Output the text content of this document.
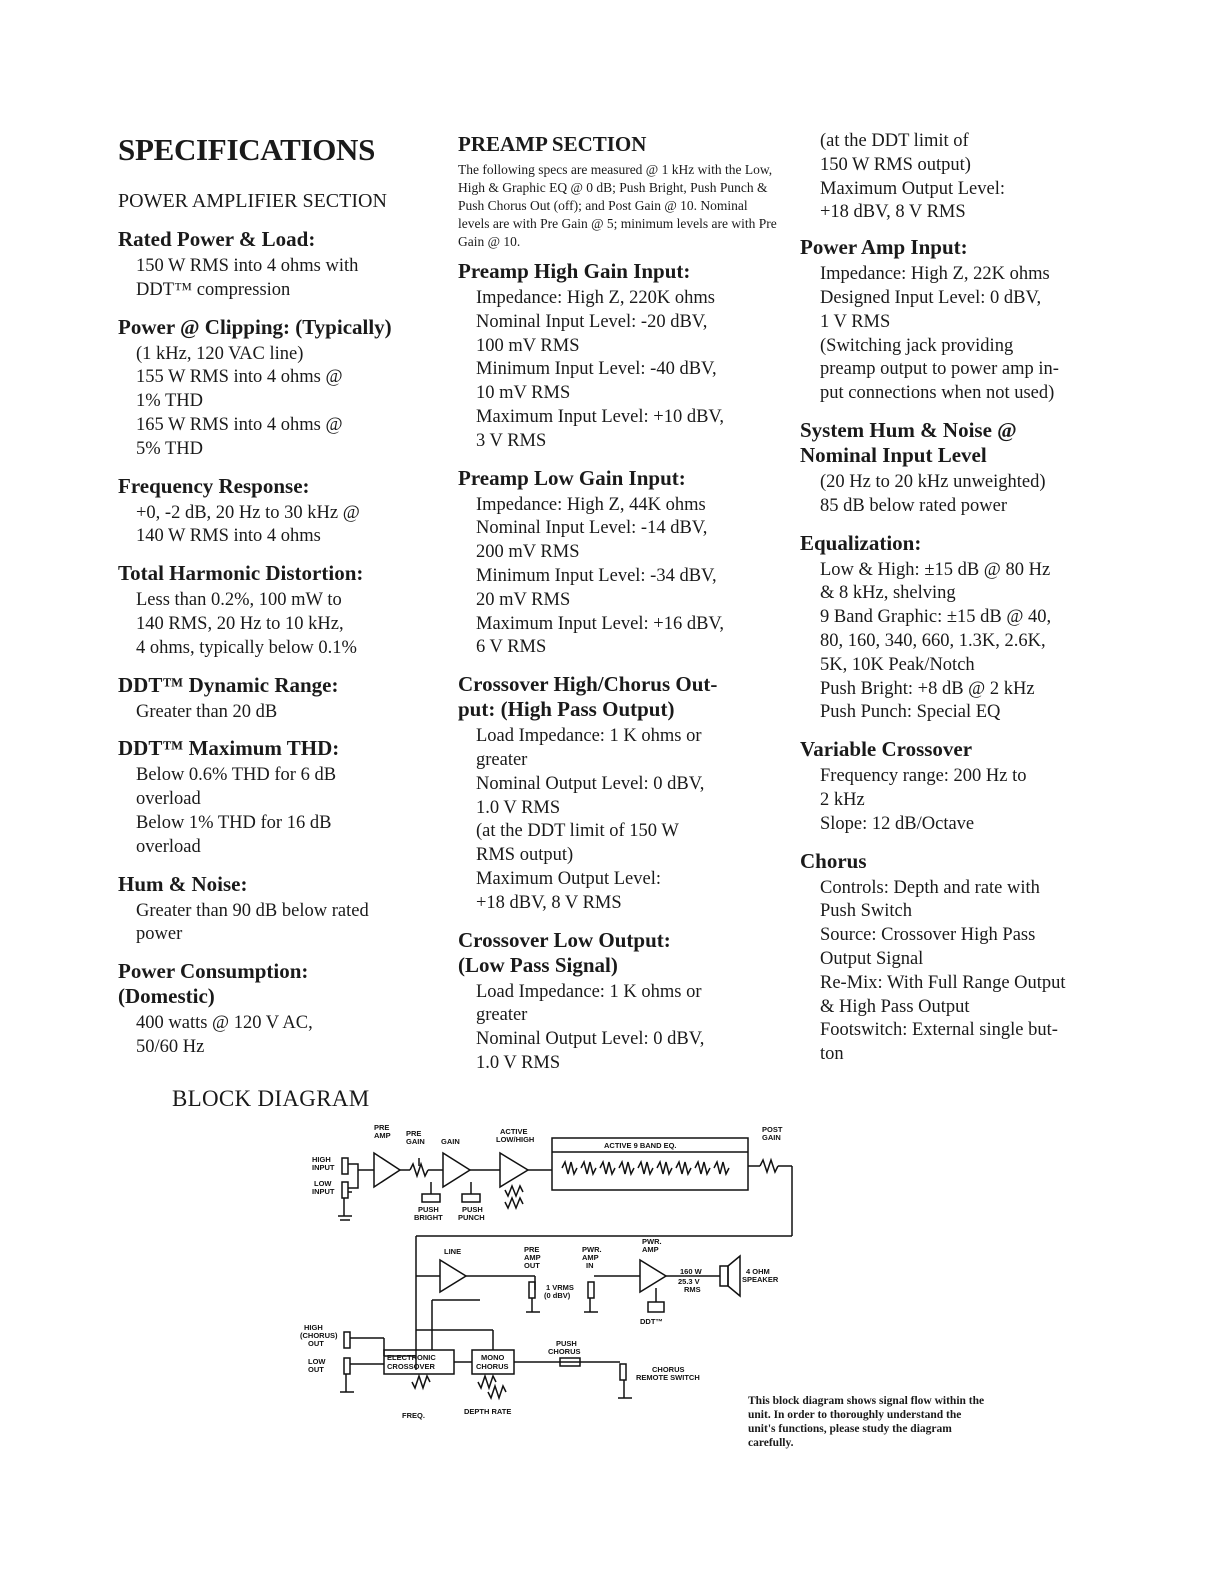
SPECIFICATIONS
POWER AMPLIFIER SECTION
Rated Power & Load:
150 W RMS into 4 ohms with
DDT™ compression
Power @ Clipping: (Typically)
(1 kHz, 120 VAC line)
155 W RMS into 4 ohms @
1% THD
165 W RMS into 4 ohms @
5% THD
Frequency Response:
+0, -2 dB, 20 Hz to 30 kHz @
140 W RMS into 4 ohms
Total Harmonic Distortion:
Less than 0.2%, 100 mW to
140 RMS, 20 Hz to 10 kHz,
4 ohms, typically below 0.1%
DDT™ Dynamic Range:
Greater than 20 dB
DDT™ Maximum THD:
Below 0.6% THD for 6 dB
overload
Below 1% THD for 16 dB
overload
Hum & Noise:
Greater than 90 dB below rated
power
Power Consumption:
(Domestic)
400 watts @ 120 V AC,
50/60 Hz
PREAMP SECTION
The following specs are measured @ 1 kHz with the Low, High & Graphic EQ @ 0 dB; Push Bright, Push Punch & Push Chorus Out (off); and Post Gain @ 10. Nominal levels are with Pre Gain @ 5; minimum levels are with Pre Gain @ 10.
Preamp High Gain Input:
Impedance: High Z, 220K ohms
Nominal Input Level: -20 dBV,
100 mV RMS
Minimum Input Level: -40 dBV,
10 mV RMS
Maximum Input Level: +10 dBV,
3 V RMS
Preamp Low Gain Input:
Impedance: High Z, 44K ohms
Nominal Input Level: -14 dBV,
200 mV RMS
Minimum Input Level: -34 dBV,
20 mV RMS
Maximum Input Level: +16 dBV,
6 V RMS
Crossover High/Chorus Out-
put: (High Pass Output)
Load Impedance: 1 K ohms or
greater
Nominal Output Level: 0 dBV,
1.0 V RMS
(at the DDT limit of 150 W
RMS output)
Maximum Output Level:
+18 dBV, 8 V RMS
Crossover Low Output:
(Low Pass Signal)
Load Impedance: 1 K ohms or
greater
Nominal Output Level: 0 dBV,
1.0 V RMS
(at the DDT limit of
150 W RMS output)
Maximum Output Level:
+18 dBV, 8 V RMS
Power Amp Input:
Impedance: High Z, 22K ohms
Designed Input Level: 0 dBV,
1 V RMS
(Switching jack providing
preamp output to power amp in-
put connections when not used)
System Hum & Noise @
Nominal Input Level
(20 Hz to 20 kHz unweighted)
85 dB below rated power
Equalization:
Low & High: ±15 dB @ 80 Hz
& 8 kHz, shelving
9 Band Graphic: ±15 dB @ 40,
80, 160, 340, 660, 1.3K, 2.6K,
5K, 10K Peak/Notch
Push Bright: +8 dB @ 2 kHz
Push Punch: Special EQ
Variable Crossover
Frequency range: 200 Hz to
2 kHz
Slope: 12 dB/Octave
Chorus
Controls: Depth and rate with
Push Switch
Source: Crossover High Pass
Output Signal
Re-Mix: With Full Range Output
& High Pass Output
Footswitch: External single but-
ton
BLOCK DIAGRAM
PRE
AMP PRE
GAIN GAIN
ACTIVE
LOW/HIGH
ACTIVE 9 BAND EQ.
POST
GAIN
HIGH
INPUT
LOW
INPUT
PUSH
BRIGHT
PUSH
PUNCH
LINE	PRE
AMP
OUT
PWR.
AMP
IN
PWR.
AMP
1 VRMS
(0 dBV)
160 W
25.3 V
RMS
4 OHM
SPEAKER
DDT™
HIGH
(CHORUS)
OUT
LOW
OUT
ELECTRONIC
CROSSOVER
MONO
CHORUS
PUSH
CHORUS
CHORUS
REMOTE SWITCH
FREQ.	DEPTH RATE
This block diagram shows signal flow within the unit. In order to thoroughly understand the unit's functions, please study the diagram carefully.
